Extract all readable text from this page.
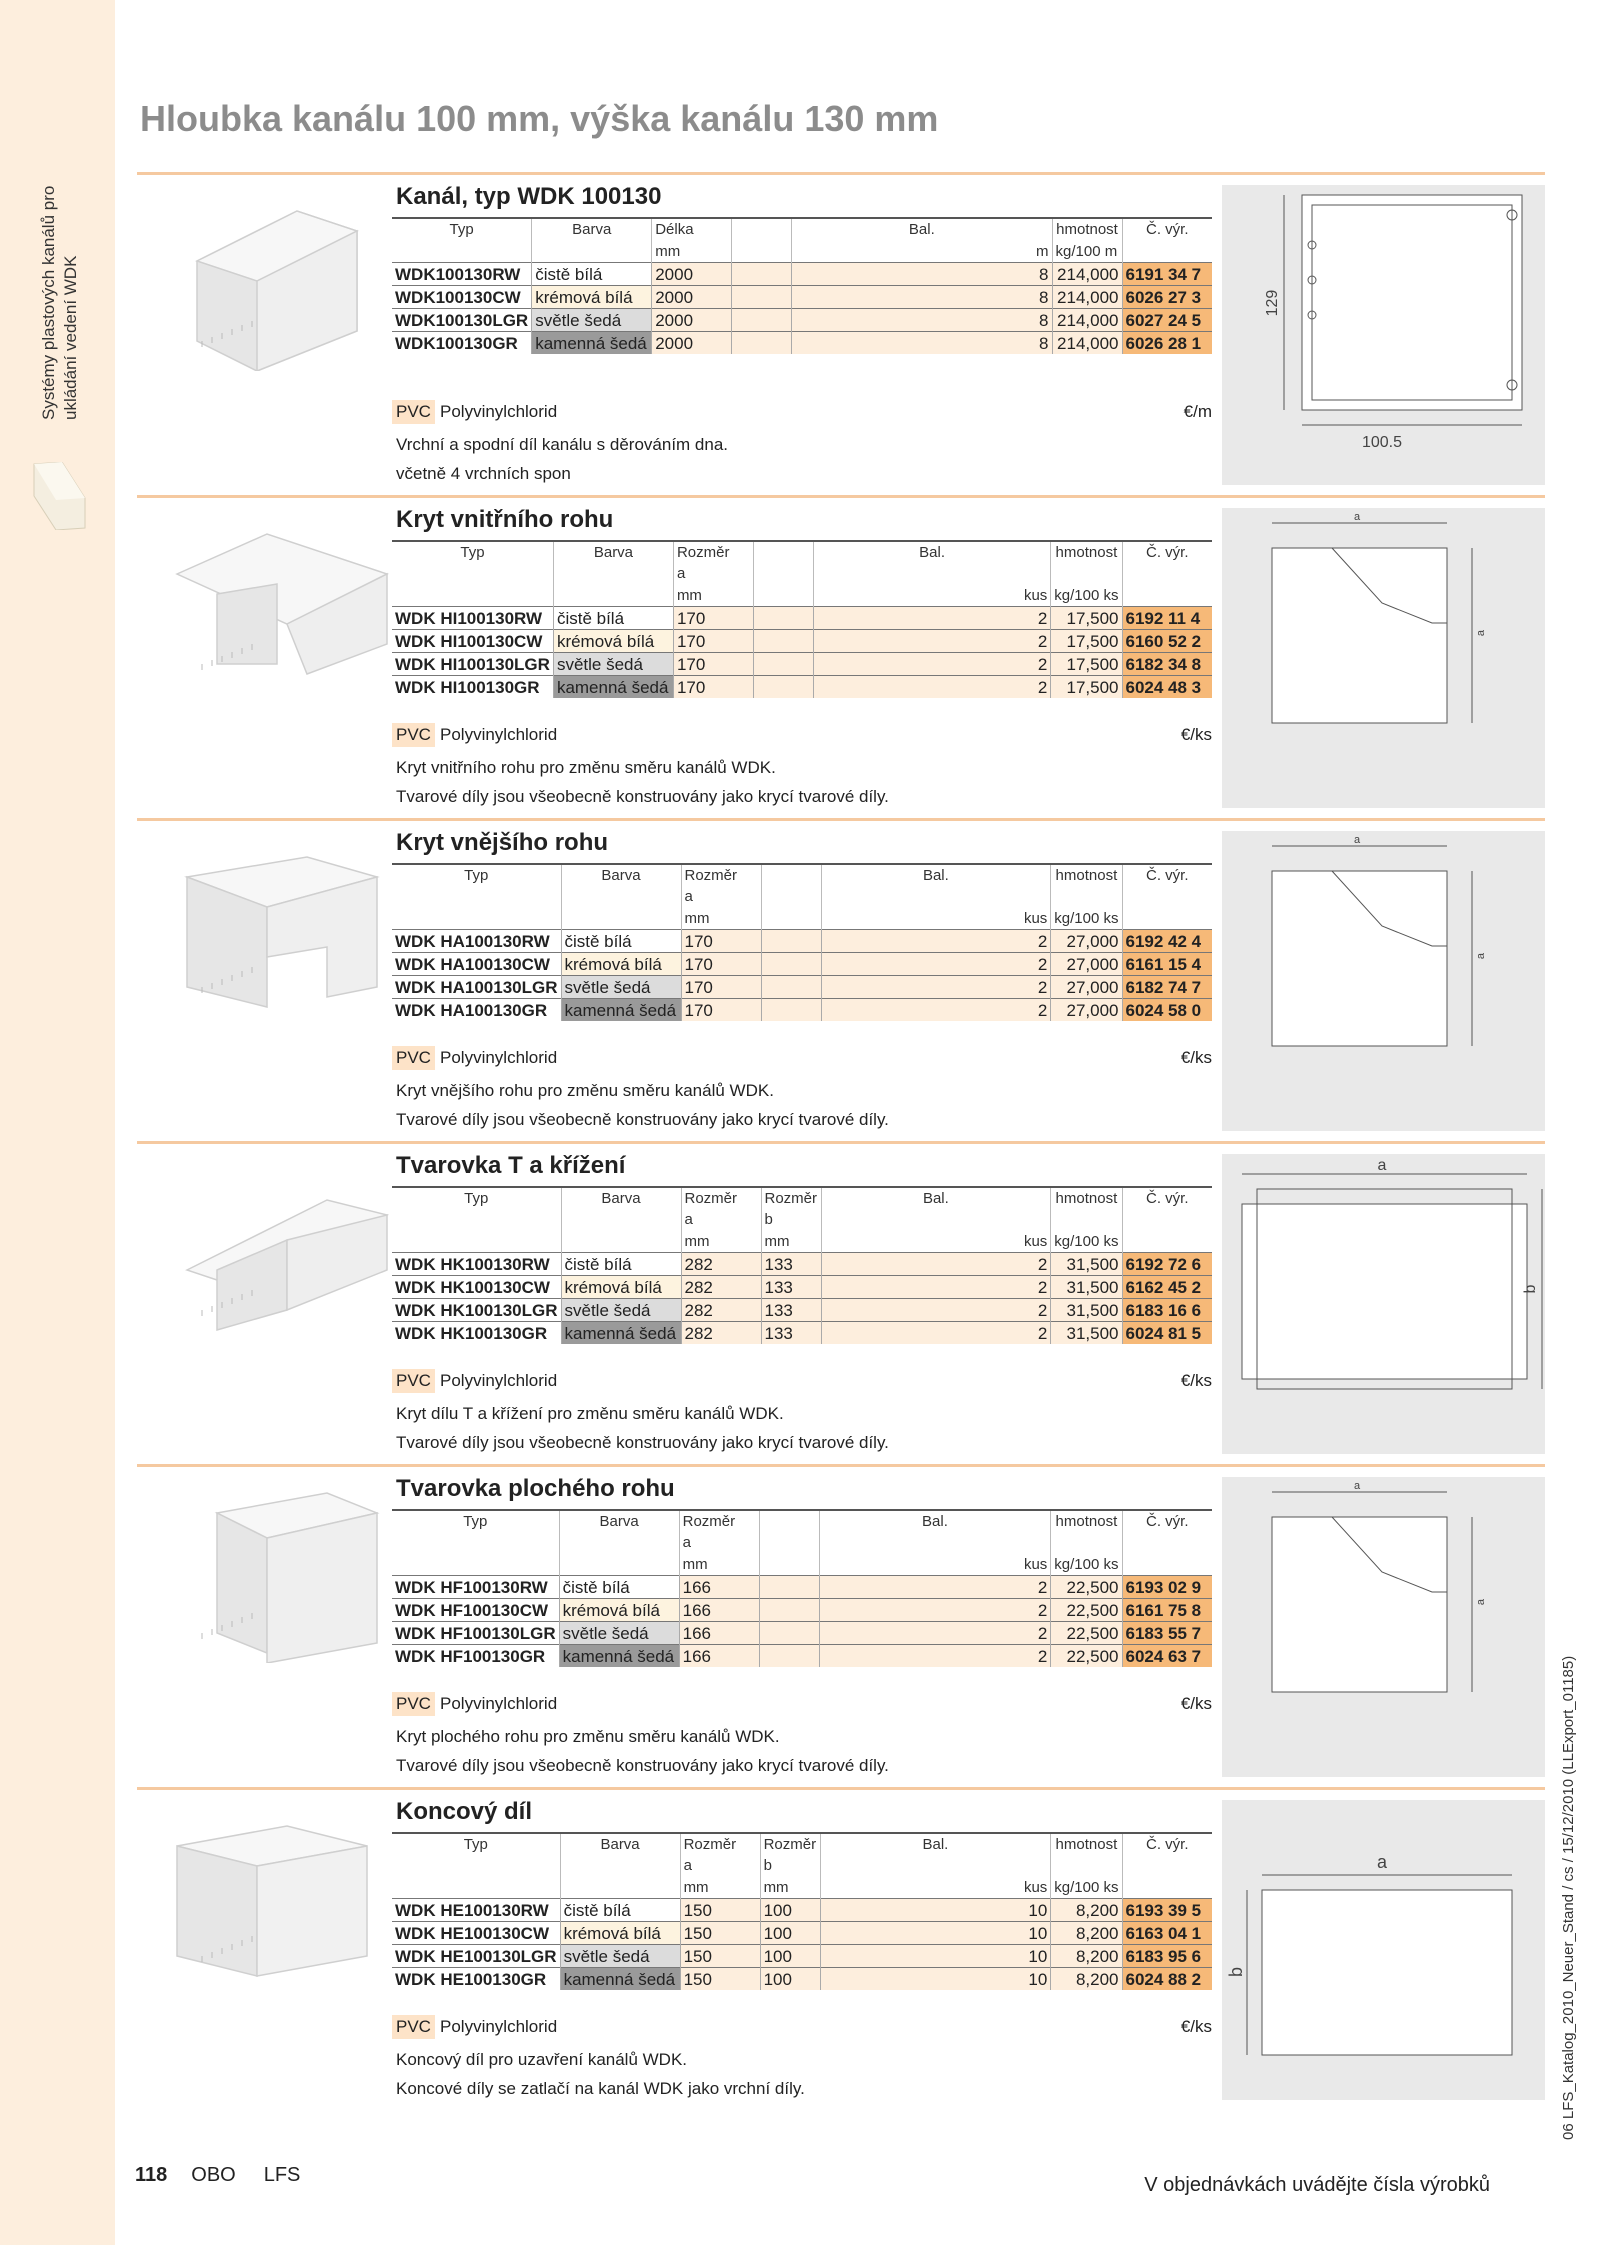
Systémy plastových kanálů pro ukládání vedení WDK
Hloubka kanálu 100 mm, výška kanálu 130 mm
100.5
129
Kanál, typ WDK 100130
Typ	Barva	Délka		Bal.	hmotnost	Č. výr.
		mm		m	kg/100 m	
WDK100130RW	čistě bílá	2000		8	214,000	6191 34 7
WDK100130CW	krémová bílá	2000		8	214,000	6026 27 3
WDK100130LGR	světle šedá	2000		8	214,000	6027 24 5
WDK100130GR	kamenná šedá	2000		8	214,000	6026 28 1
PVC Polyvinylchlorid	€/m
Vrchní a spodní díl kanálu s děrováním dna.
včetně 4 vrchních spon
a
a
Kryt vnitřního rohu
Typ	Barva	Rozměr
a		Bal.	hmotnost	Č. výr.
		mm		kus	kg/100 ks	
WDK HI100130RW	čistě bílá	170		2	17,500	6192 11 4
WDK HI100130CW	krémová bílá	170		2	17,500	6160 52 2
WDK HI100130LGR	světle šedá	170		2	17,500	6182 34 8
WDK HI100130GR	kamenná šedá	170		2	17,500	6024 48 3
PVC Polyvinylchlorid	€/ks
Kryt vnitřního rohu pro změnu směru kanálů WDK.
Tvarové díly jsou všeobecně konstruovány jako krycí tvarové díly.
a
a
Kryt vnějšího rohu
Typ	Barva	Rozměr
a		Bal.	hmotnost	Č. výr.
		mm		kus	kg/100 ks	
WDK HA100130RW	čistě bílá	170		2	27,000	6192 42 4
WDK HA100130CW	krémová bílá	170		2	27,000	6161 15 4
WDK HA100130LGR	světle šedá	170		2	27,000	6182 74 7
WDK HA100130GR	kamenná šedá	170		2	27,000	6024 58 0
PVC Polyvinylchlorid	€/ks
Kryt vnějšího rohu pro změnu směru kanálů WDK.
Tvarové díly jsou všeobecně konstruovány jako krycí tvarové díly.
a
b
Tvarovka T a křížení
Typ	Barva	Rozměr
a	Rozměr
b	Bal.	hmotnost	Č. výr.
		mm	mm	kus	kg/100 ks	
WDK HK100130RW	čistě bílá	282	133	2	31,500	6192 72 6
WDK HK100130CW	krémová bílá	282	133	2	31,500	6162 45 2
WDK HK100130LGR	světle šedá	282	133	2	31,500	6183 16 6
WDK HK100130GR	kamenná šedá	282	133	2	31,500	6024 81 5
PVC Polyvinylchlorid	€/ks
Kryt dílu T a křížení pro změnu směru kanálů WDK.
Tvarové díly jsou všeobecně konstruovány jako krycí tvarové díly.
a
a
Tvarovka plochého rohu
Typ	Barva	Rozměr
a		Bal.	hmotnost	Č. výr.
		mm		kus	kg/100 ks	
WDK HF100130RW	čistě bílá	166		2	22,500	6193 02 9
WDK HF100130CW	krémová bílá	166		2	22,500	6161 75 8
WDK HF100130LGR	světle šedá	166		2	22,500	6183 55 7
WDK HF100130GR	kamenná šedá	166		2	22,500	6024 63 7
PVC Polyvinylchlorid	€/ks
Kryt plochého rohu pro změnu směru kanálů WDK.
Tvarové díly jsou všeobecně konstruovány jako krycí tvarové díly.
a
b
Koncový díl
Typ	Barva	Rozměr
a	Rozměr
b	Bal.	hmotnost	Č. výr.
		mm	mm	kus	kg/100 ks	
WDK HE100130RW	čistě bílá	150	100	10	8,200	6193 39 5
WDK HE100130CW	krémová bílá	150	100	10	8,200	6163 04 1
WDK HE100130LGR	světle šedá	150	100	10	8,200	6183 95 6
WDK HE100130GR	kamenná šedá	150	100	10	8,200	6024 88 2
PVC Polyvinylchlorid	€/ks
Koncový díl pro uzavření kanálů WDK.
Koncové díly se zatlačí na kanál WDK jako vrchní díly.
118 OBO LFS	V objednávkách uvádějte čísla výrobků
06 LFS_Katalog_2010_Neuer_Stand / cs / 15/12/2010 (LLExport_01185)
